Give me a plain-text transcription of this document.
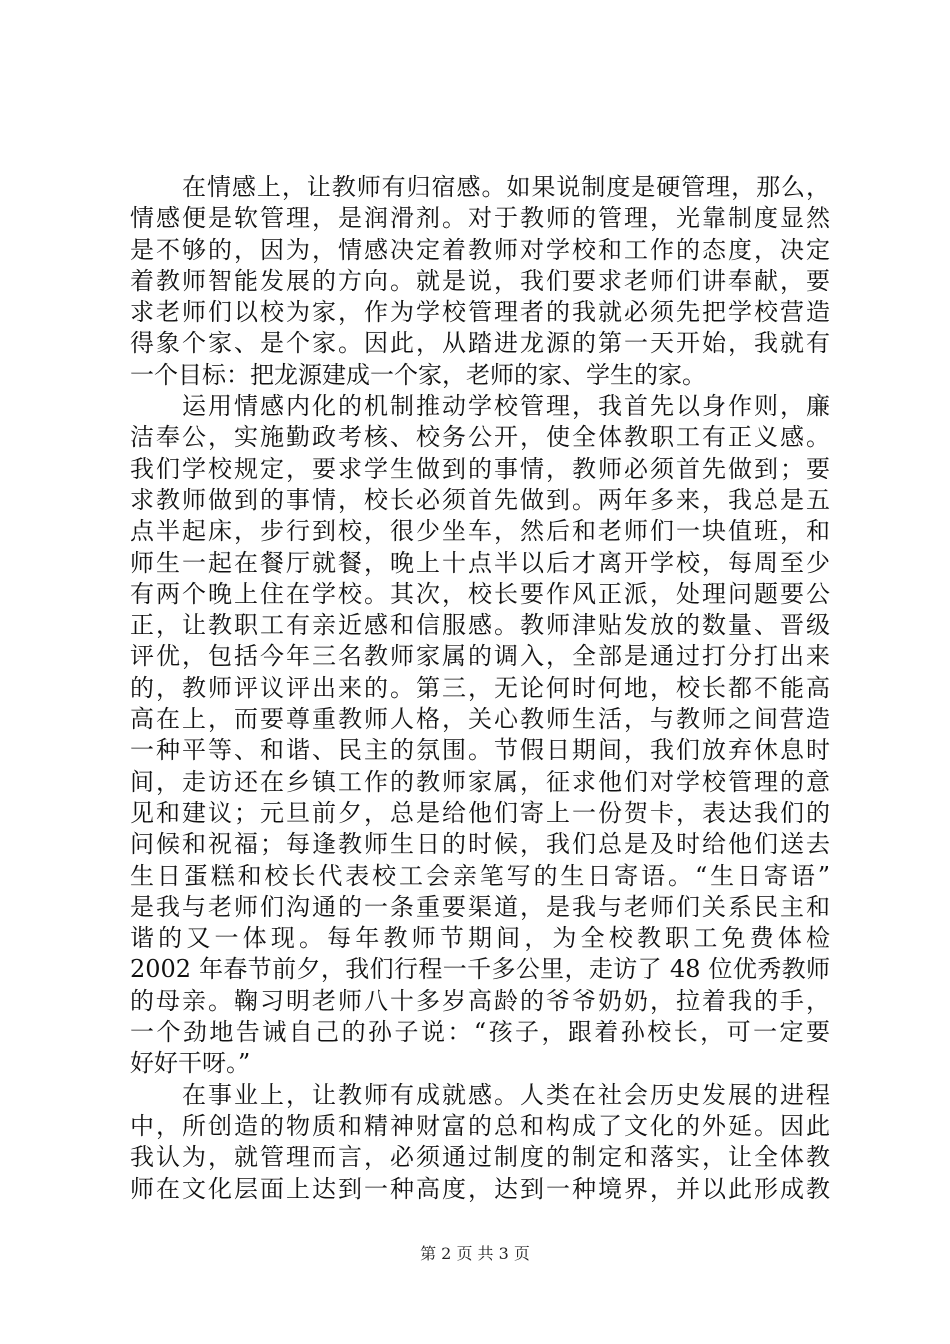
在情感上，让教师有归宿感。如果说制度是硬管理，那么，
情感便是软管理，是润滑剂。对于教师的管理，光靠制度显然
是不够的，因为，情感决定着教师对学校和工作的态度，决定
着教师智能发展的方向。就是说，我们要求老师们讲奉献，要
求老师们以校为家，作为学校管理者的我就必须先把学校营造
得象个家、是个家。因此，从踏进龙源的第一天开始，我就有
一个目标：把龙源建成一个家，老师的家、学生的家。
运用情感内化的机制推动学校管理，我首先以身作则，廉
洁奉公，实施勤政考核、校务公开，使全体教职工有正义感。
我们学校规定，要求学生做到的事情，教师必须首先做到；要
求教师做到的事情，校长必须首先做到。两年多来，我总是五
点半起床，步行到校，很少坐车，然后和老师们一块值班，和
师生一起在餐厅就餐，晚上十点半以后才离开学校，每周至少
有两个晚上住在学校。其次，校长要作风正派，处理问题要公
正，让教职工有亲近感和信服感。教师津贴发放的数量、晋级
评优，包括今年三名教师家属的调入，全部是通过打分打出来
的，教师评议评出来的。第三，无论何时何地，校长都不能高
高在上，而要尊重教师人格，关心教师生活，与教师之间营造
一种平等、和谐、民主的氛围。节假日期间，我们放弃休息时
间，走访还在乡镇工作的教师家属，征求他们对学校管理的意
见和建议；元旦前夕，总是给他们寄上一份贺卡，表达我们的
问候和祝福；每逢教师生日的时候，我们总是及时给他们送去
生日蛋糕和校长代表校工会亲笔写的生日寄语。“生日寄语”
是我与老师们沟通的一条重要渠道，是我与老师们关系民主和
谐的又一体现。每年教师节期间，为全校教职工免费体检
2002 年春节前夕，我们行程一千多公里，走访了 48 位优秀教师
的母亲。鞠习明老师八十多岁高龄的爷爷奶奶，拉着我的手，
一个劲地告诫自己的孙子说：“孩子，跟着孙校长，可一定要
好好干呀。”
在事业上，让教师有成就感。人类在社会历史发展的进程
中，所创造的物质和精神财富的总和构成了文化的外延。因此
我认为，就管理而言，必须通过制度的制定和落实，让全体教
师在文化层面上达到一种高度，达到一种境界，并以此形成教
第 2 页 共 3 页
